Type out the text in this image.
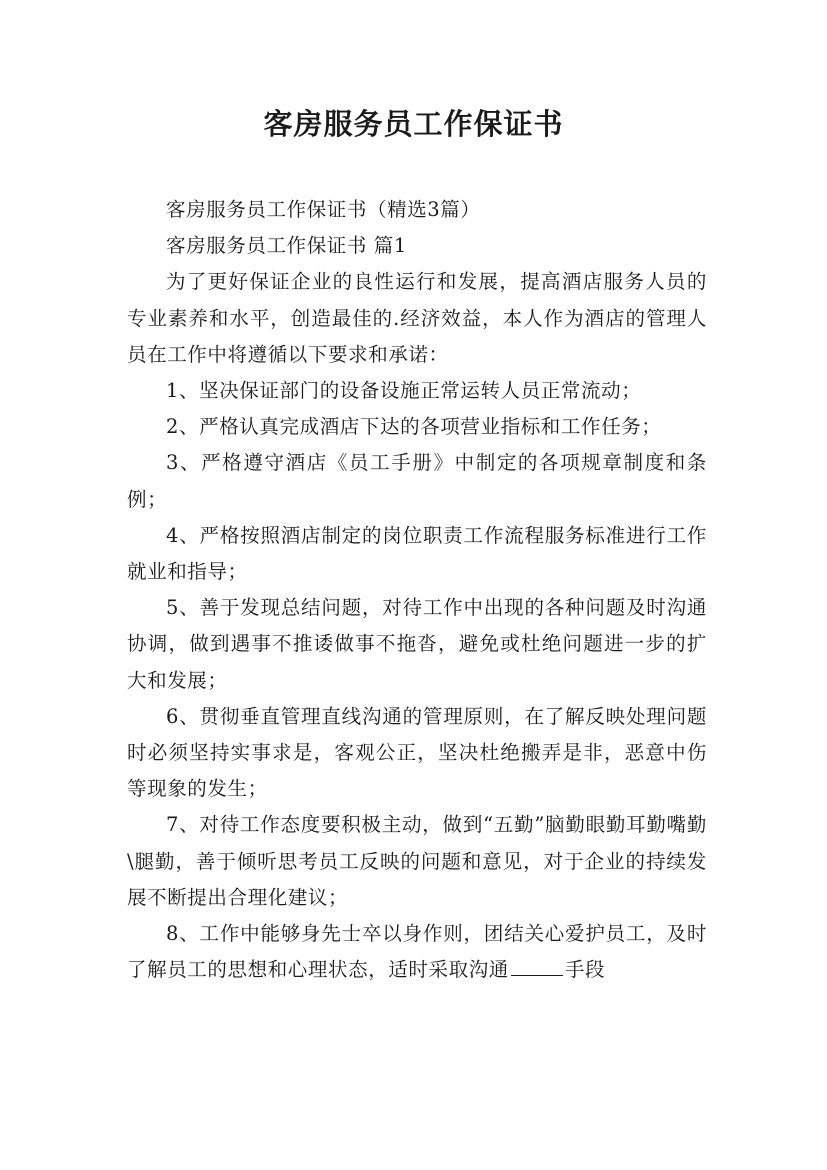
客房服务员工作保证书

客房服务员工作保证书（精选3篇）

客房服务员工作保证书 篇1

为了更好保证企业的良性运行和发展，提高酒店服务人员的专业素养和水平，创造最佳的.经济效益，本人作为酒店的管理人员在工作中将遵循以下要求和承诺：

1、坚决保证部门的设备设施正常运转人员正常流动；

2、严格认真完成酒店下达的各项营业指标和工作任务；

3、严格遵守酒店《员工手册》中制定的各项规章制度和条例；

4、严格按照酒店制定的岗位职责工作流程服务标准进行工作就业和指导；

5、善于发现总结问题，对待工作中出现的各种问题及时沟通协调，做到遇事不推诿做事不拖沓，避免或杜绝问题进一步的扩大和发展；

6、贯彻垂直管理直线沟通的管理原则，在了解反映处理问题时必须坚持实事求是，客观公正，坚决杜绝搬弄是非，恶意中伤等现象的发生；

7、对待工作态度要积极主动，做到“五勤”脑勤眼勤耳勤嘴勤\腿勤，善于倾听思考员工反映的问题和意见，对于企业的持续发展不断提出合理化建议；

8、工作中能够身先士卒以身作则，团结关心爱护员工，及时了解员工的思想和心理状态，适时采取沟通	手段
